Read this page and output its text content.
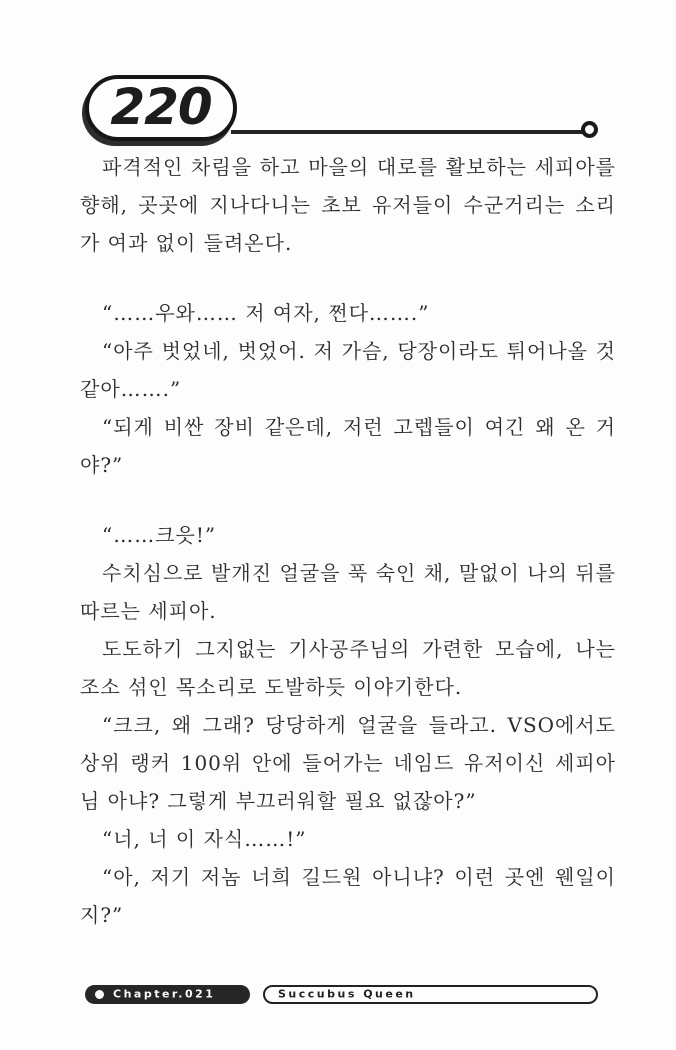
220

파격적인 차림을 하고 마을의 대로를 활보하는 세피아를 향해, 곳곳에 지나다니는 초보 유저들이 수군거리는 소리가 여과 없이 들려온다.

“……우와…… 저 여자, 쩐다…….”

“아주 벗었네, 벗었어. 저 가슴, 당장이라도 튀어나올 것 같아…….”

“되게 비싼 장비 같은데, 저런 고렙들이 여긴 왜 온 거야?”

“……크읏!”

수치심으로 발개진 얼굴을 푹 숙인 채, 말없이 나의 뒤를 따르는 세피아.

도도하기 그지없는 기사공주님의 가련한 모습에, 나는 조소 섞인 목소리로 도발하듯 이야기한다.

“크크, 왜 그래? 당당하게 얼굴을 들라고. VSO에서도 상위 랭커 100위 안에 들어가는 네임드 유저이신 세피아 님 아냐? 그렇게 부끄러워할 필요 없잖아?”

“너, 너 이 자식……!”

“아, 저기 저놈 너희 길드원 아니냐? 이런 곳엔 웬일이지?”

Chapter.021	Succubus Queen
